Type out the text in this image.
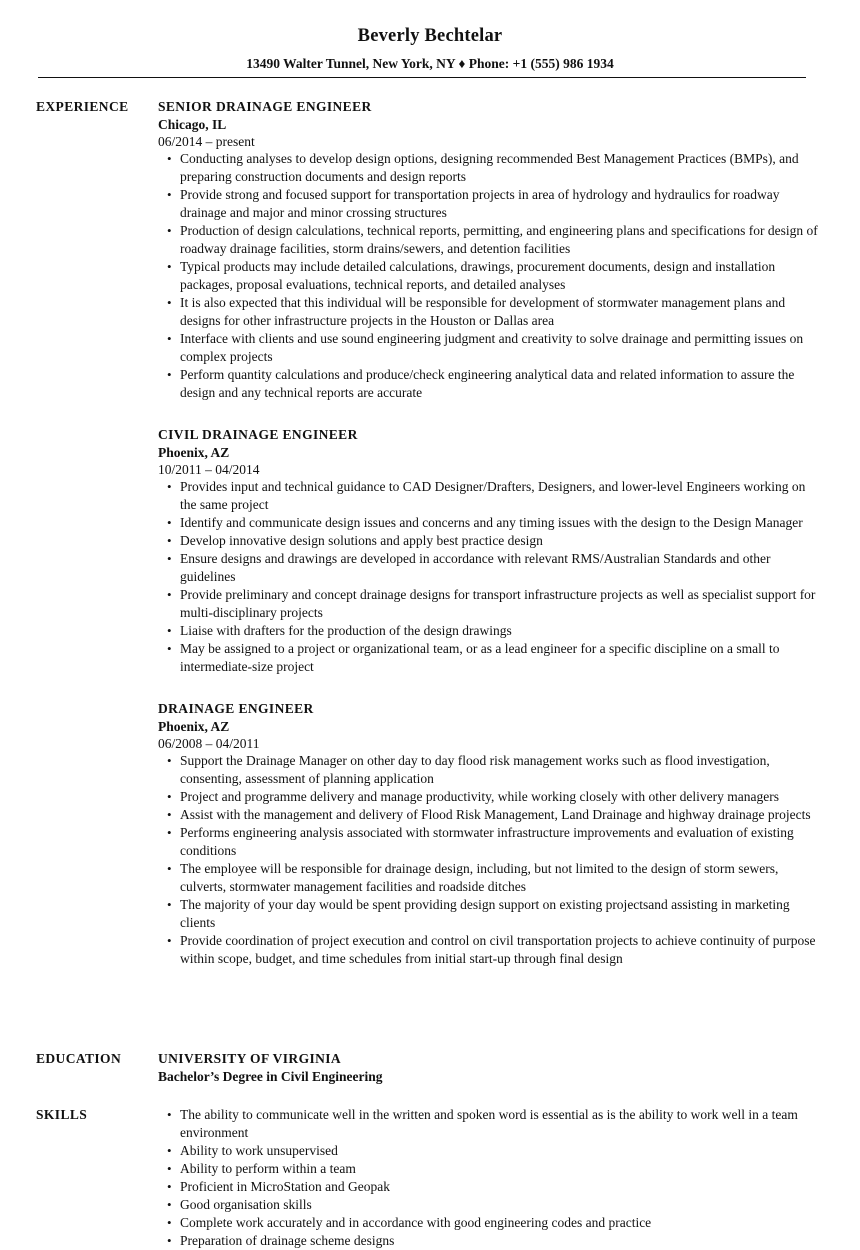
Beverly Bechtelar
13490 Walter Tunnel, New York, NY ♦ Phone: +1 (555) 986 1934
EXPERIENCE SENIOR DRAINAGE ENGINEER
Chicago, IL
06/2014 – present
• Conducting analyses to develop design options, designing recommended Best Management Practices (BMPs), and preparing construction documents and design reports
• Provide strong and focused support for transportation projects in area of hydrology and hydraulics for roadway drainage and major and minor crossing structures
• Production of design calculations, technical reports, permitting, and engineering plans and specifications for design of roadway drainage facilities, storm drains/sewers, and detention facilities
• Typical products may include detailed calculations, drawings, procurement documents, design and installation packages, proposal evaluations, technical reports, and detailed analyses
• It is also expected that this individual will be responsible for development of stormwater management plans and designs for other infrastructure projects in the Houston or Dallas area
• Interface with clients and use sound engineering judgment and creativity to solve drainage and permitting issues on complex projects
• Perform quantity calculations and produce/check engineering analytical data and related information to assure the design and any technical reports are accurate
CIVIL DRAINAGE ENGINEER
Phoenix, AZ
10/2011 – 04/2014
• Provides input and technical guidance to CAD Designer/Drafters, Designers, and lower-level Engineers working on the same project
• Identify and communicate design issues and concerns and any timing issues with the design to the Design Manager
• Develop innovative design solutions and apply best practice design
• Ensure designs and drawings are developed in accordance with relevant RMS/Australian Standards and other guidelines
• Provide preliminary and concept drainage designs for transport infrastructure projects as well as specialist support for multi-disciplinary projects
• Liaise with drafters for the production of the design drawings
• May be assigned to a project or organizational team, or as a lead engineer for a specific discipline on a small to intermediate-size project
DRAINAGE ENGINEER
Phoenix, AZ
06/2008 – 04/2011
• Support the Drainage Manager on other day to day flood risk management works such as flood investigation, consenting, assessment of planning application
• Project and programme delivery and manage productivity, while working closely with other delivery managers
• Assist with the management and delivery of Flood Risk Management, Land Drainage and highway drainage projects
• Performs engineering analysis associated with stormwater infrastructure improvements and evaluation of existing conditions
• The employee will be responsible for drainage design, including, but not limited to the design of storm sewers, culverts, stormwater management facilities and roadside ditches
• The majority of your day would be spent providing design support on existing projectsand assisting in marketing clients
• Provide coordination of project execution and control on civil transportation projects to achieve continuity of purpose within scope, budget, and time schedules from initial start-up through final design
EDUCATION	UNIVERSITY OF VIRGINIA
Bachelor’s Degree in Civil Engineering
SKILLS
•	The ability to communicate well in the written and spoken word is essential as is the ability to work well in a team environment
• Ability to work unsupervised
• Ability to perform within a team
• Proficient in MicroStation and Geopak
• Good organisation skills
• Complete work accurately and in accordance with good engineering codes and practice
• Preparation of drainage scheme designs
